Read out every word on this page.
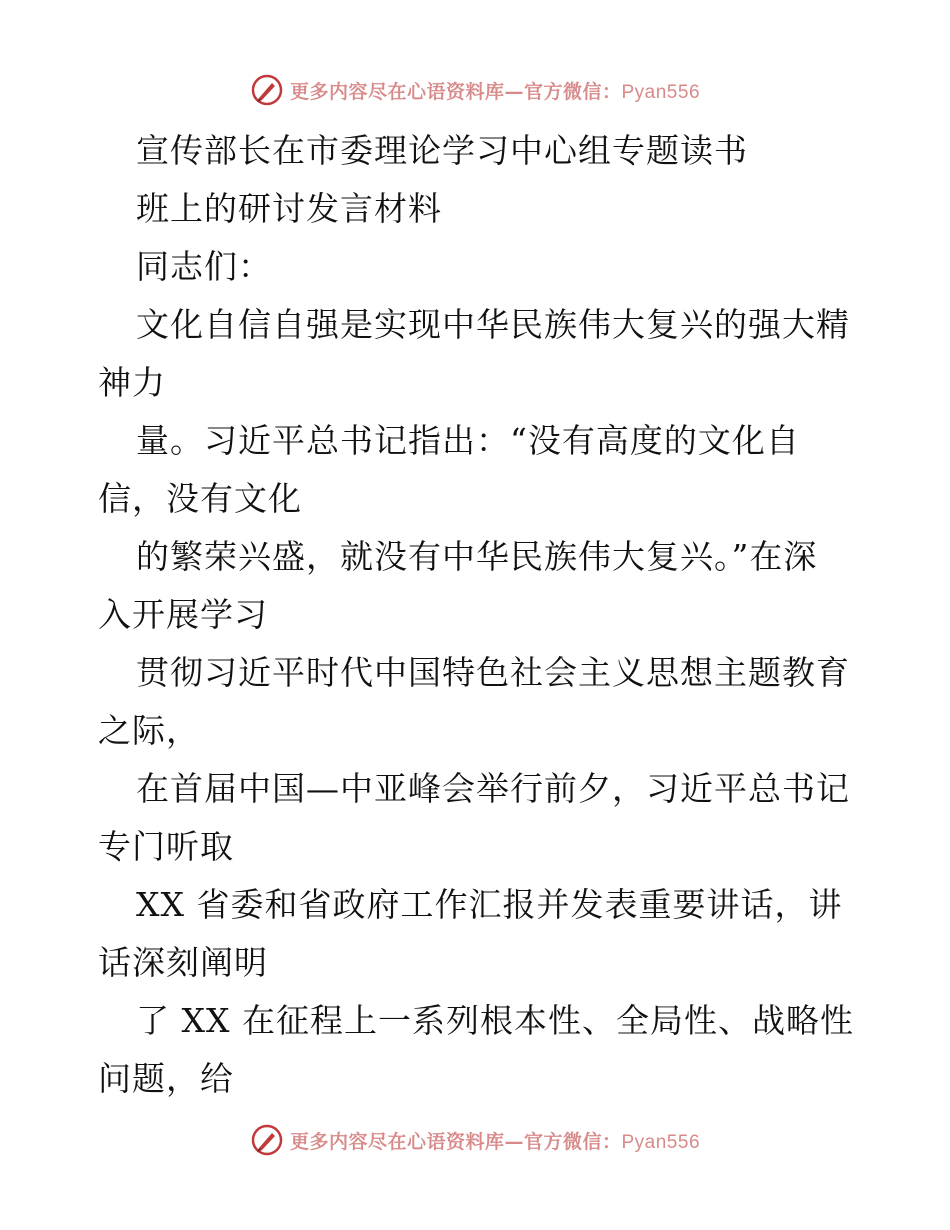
更多内容尽在心语资料库—官方微信：Pyan556
宣传部长在市委理论学习中心组专题读书
班上的研讨发言材料
同志们：
文化自信自强是实现中华民族伟大复兴的强大精
神力
量。习近平总书记指出：“没有高度的文化自
信，没有文化
的繁荣兴盛，就没有中华民族伟大复兴。”在深
入开展学习
贯彻习近平时代中国特色社会主义思想主题教育
之际，
在首届中国—中亚峰会举行前夕，习近平总书记
专门听取
XX 省委和省政府工作汇报并发表重要讲话，讲
话深刻阐明
了 XX 在征程上一系列根本性、全局性、战略性
问题，给
更多内容尽在心语资料库—官方微信：Pyan556
